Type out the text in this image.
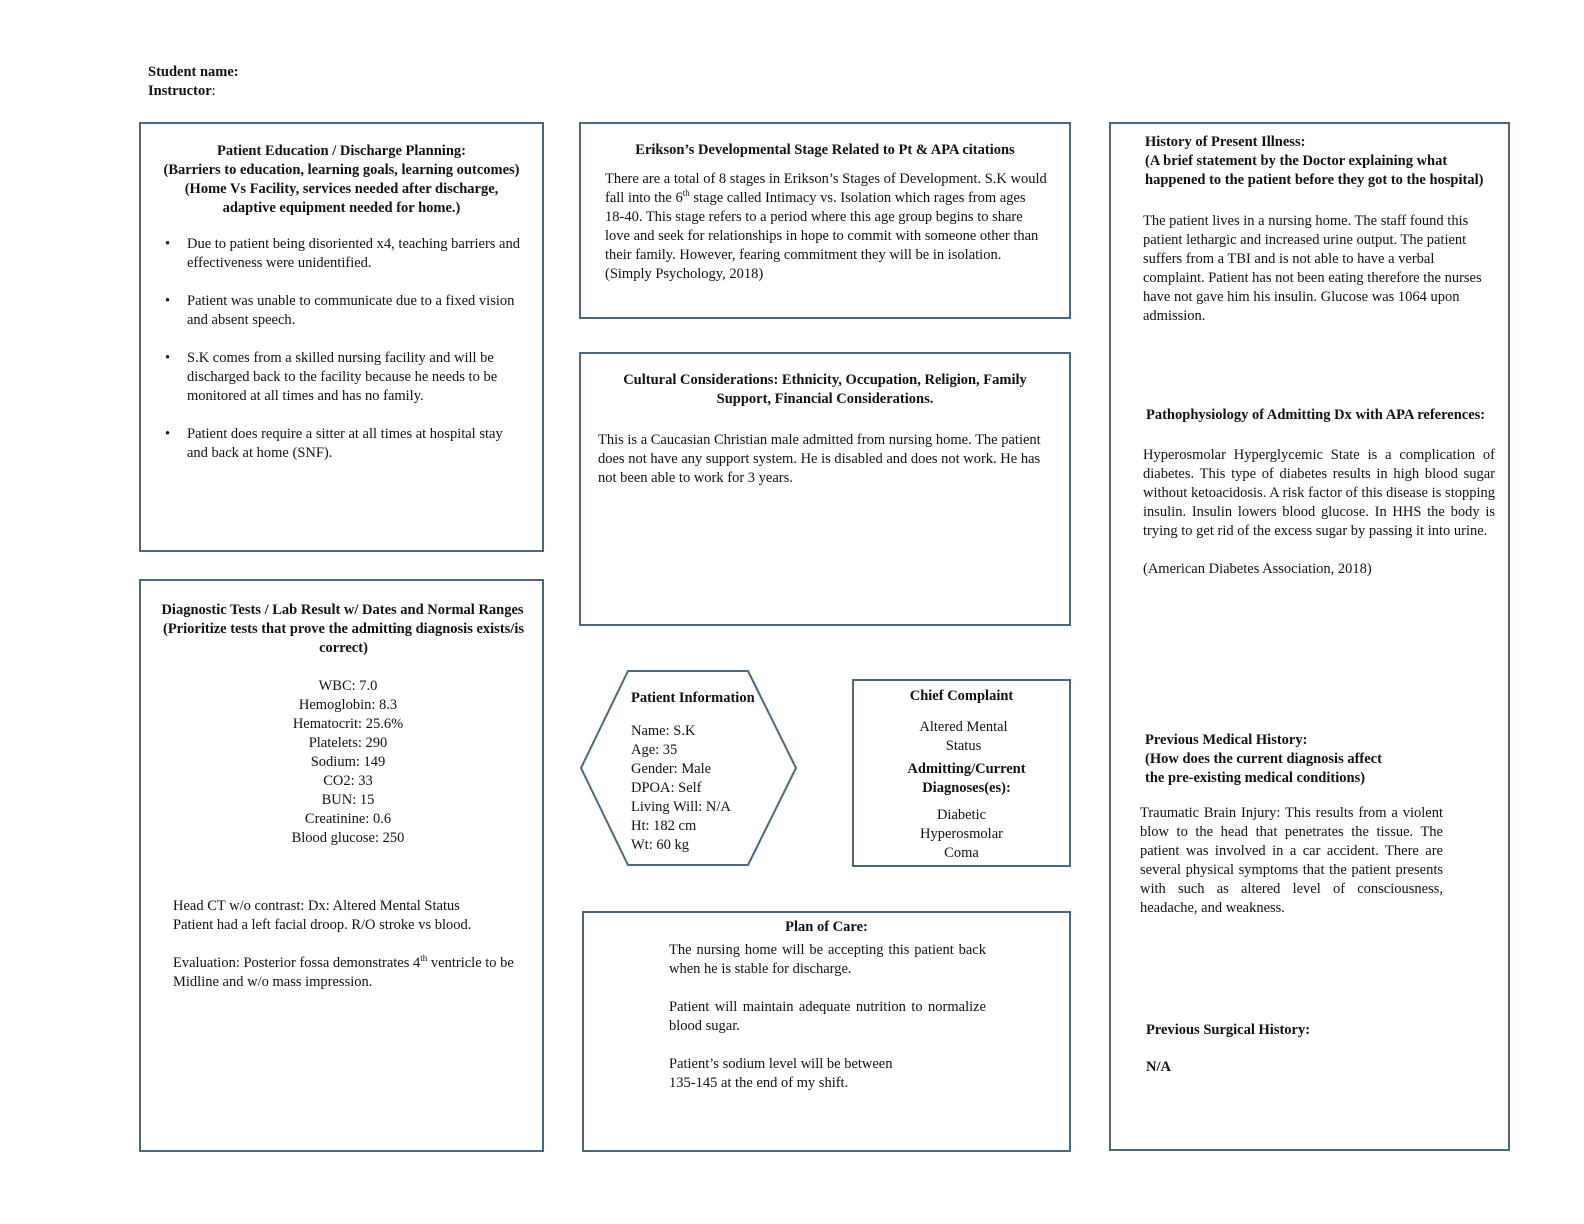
Student name:
Instructor:
Patient Education / Discharge Planning:
(Barriers to education, learning goals, learning outcomes) (Home Vs Facility, services needed after discharge, adaptive equipment needed for home.)
• Due to patient being disoriented x4, teaching barriers and effectiveness were unidentified.
• Patient was unable to communicate due to a fixed vision and absent speech.
• S.K comes from a skilled nursing facility and will be discharged back to the facility because he needs to be monitored at all times and has no family.
• Patient does require a sitter at all times at hospital stay and back at home (SNF).
Erikson’s Developmental Stage Related to Pt & APA citations
There are a total of 8 stages in Erikson’s Stages of Development. S.K would fall into the 6th stage called Intimacy vs. Isolation which rages from ages 18-40. This stage refers to a period where this age group begins to share love and seek for relationships in hope to commit with someone other than their family. However, fearing commitment they will be in isolation. (Simply Psychology, 2018)
History of Present Illness:
(A brief statement by the Doctor explaining what happened to the patient before they got to the hospital)
The patient lives in a nursing home. The staff found this patient lethargic and increased urine output. The patient suffers from a TBI and is not able to have a verbal complaint. Patient has not been eating therefore the nurses have not gave him his insulin. Glucose was 1064 upon admission.
Pathophysiology of Admitting Dx with APA references:
Hyperosmolar Hyperglycemic State is a complication of diabetes. This type of diabetes results in high blood sugar without ketoacidosis. A risk factor of this disease is stopping insulin. Insulin lowers blood glucose. In HHS the body is trying to get rid of the excess sugar by passing it into urine.
(American Diabetes Association, 2018)
Previous Medical History:
(How does the current diagnosis affect
the pre-existing medical conditions)
Traumatic Brain Injury: This results from a violent blow to the head that penetrates the tissue. The patient was involved in a car accident. There are several physical symptoms that the patient presents with such as altered level of consciousness, headache, and weakness.
Previous Surgical History:
N/A
Cultural Considerations: Ethnicity, Occupation, Religion, Family Support, Financial Considerations.
This is a Caucasian Christian male admitted from nursing home. The patient does not have any support system. He is disabled and does not work. He has not been able to work for 3 years.
Diagnostic Tests / Lab Result w/ Dates and Normal Ranges
(Prioritize tests that prove the admitting diagnosis exists/is correct)
WBC: 7.0
Hemoglobin: 8.3
Hematocrit: 25.6%
Platelets: 290
Sodium: 149
CO2: 33
BUN: 15
Creatinine: 0.6
Blood glucose: 250
Head CT w/o contrast: Dx: Altered Mental Status
Patient had a left facial droop. R/O stroke vs blood.
Evaluation: Posterior fossa demonstrates 4th ventricle to be
Midline and w/o mass impression.
Patient Information
Name: S.K
Age: 35
Gender: Male
DPOA: Self
Living Will: N/A
Ht: 182 cm
Wt: 60 kg
Chief Complaint
Altered Mental
Status
Admitting/Current
Diagnoses(es):
Diabetic
Hyperosmolar
Coma
Plan of Care:
The nursing home will be accepting this patient back when he is stable for discharge.
Patient will maintain adequate nutrition to normalize blood sugar.
Patient’s sodium level will be between
135-145 at the end of my shift.
